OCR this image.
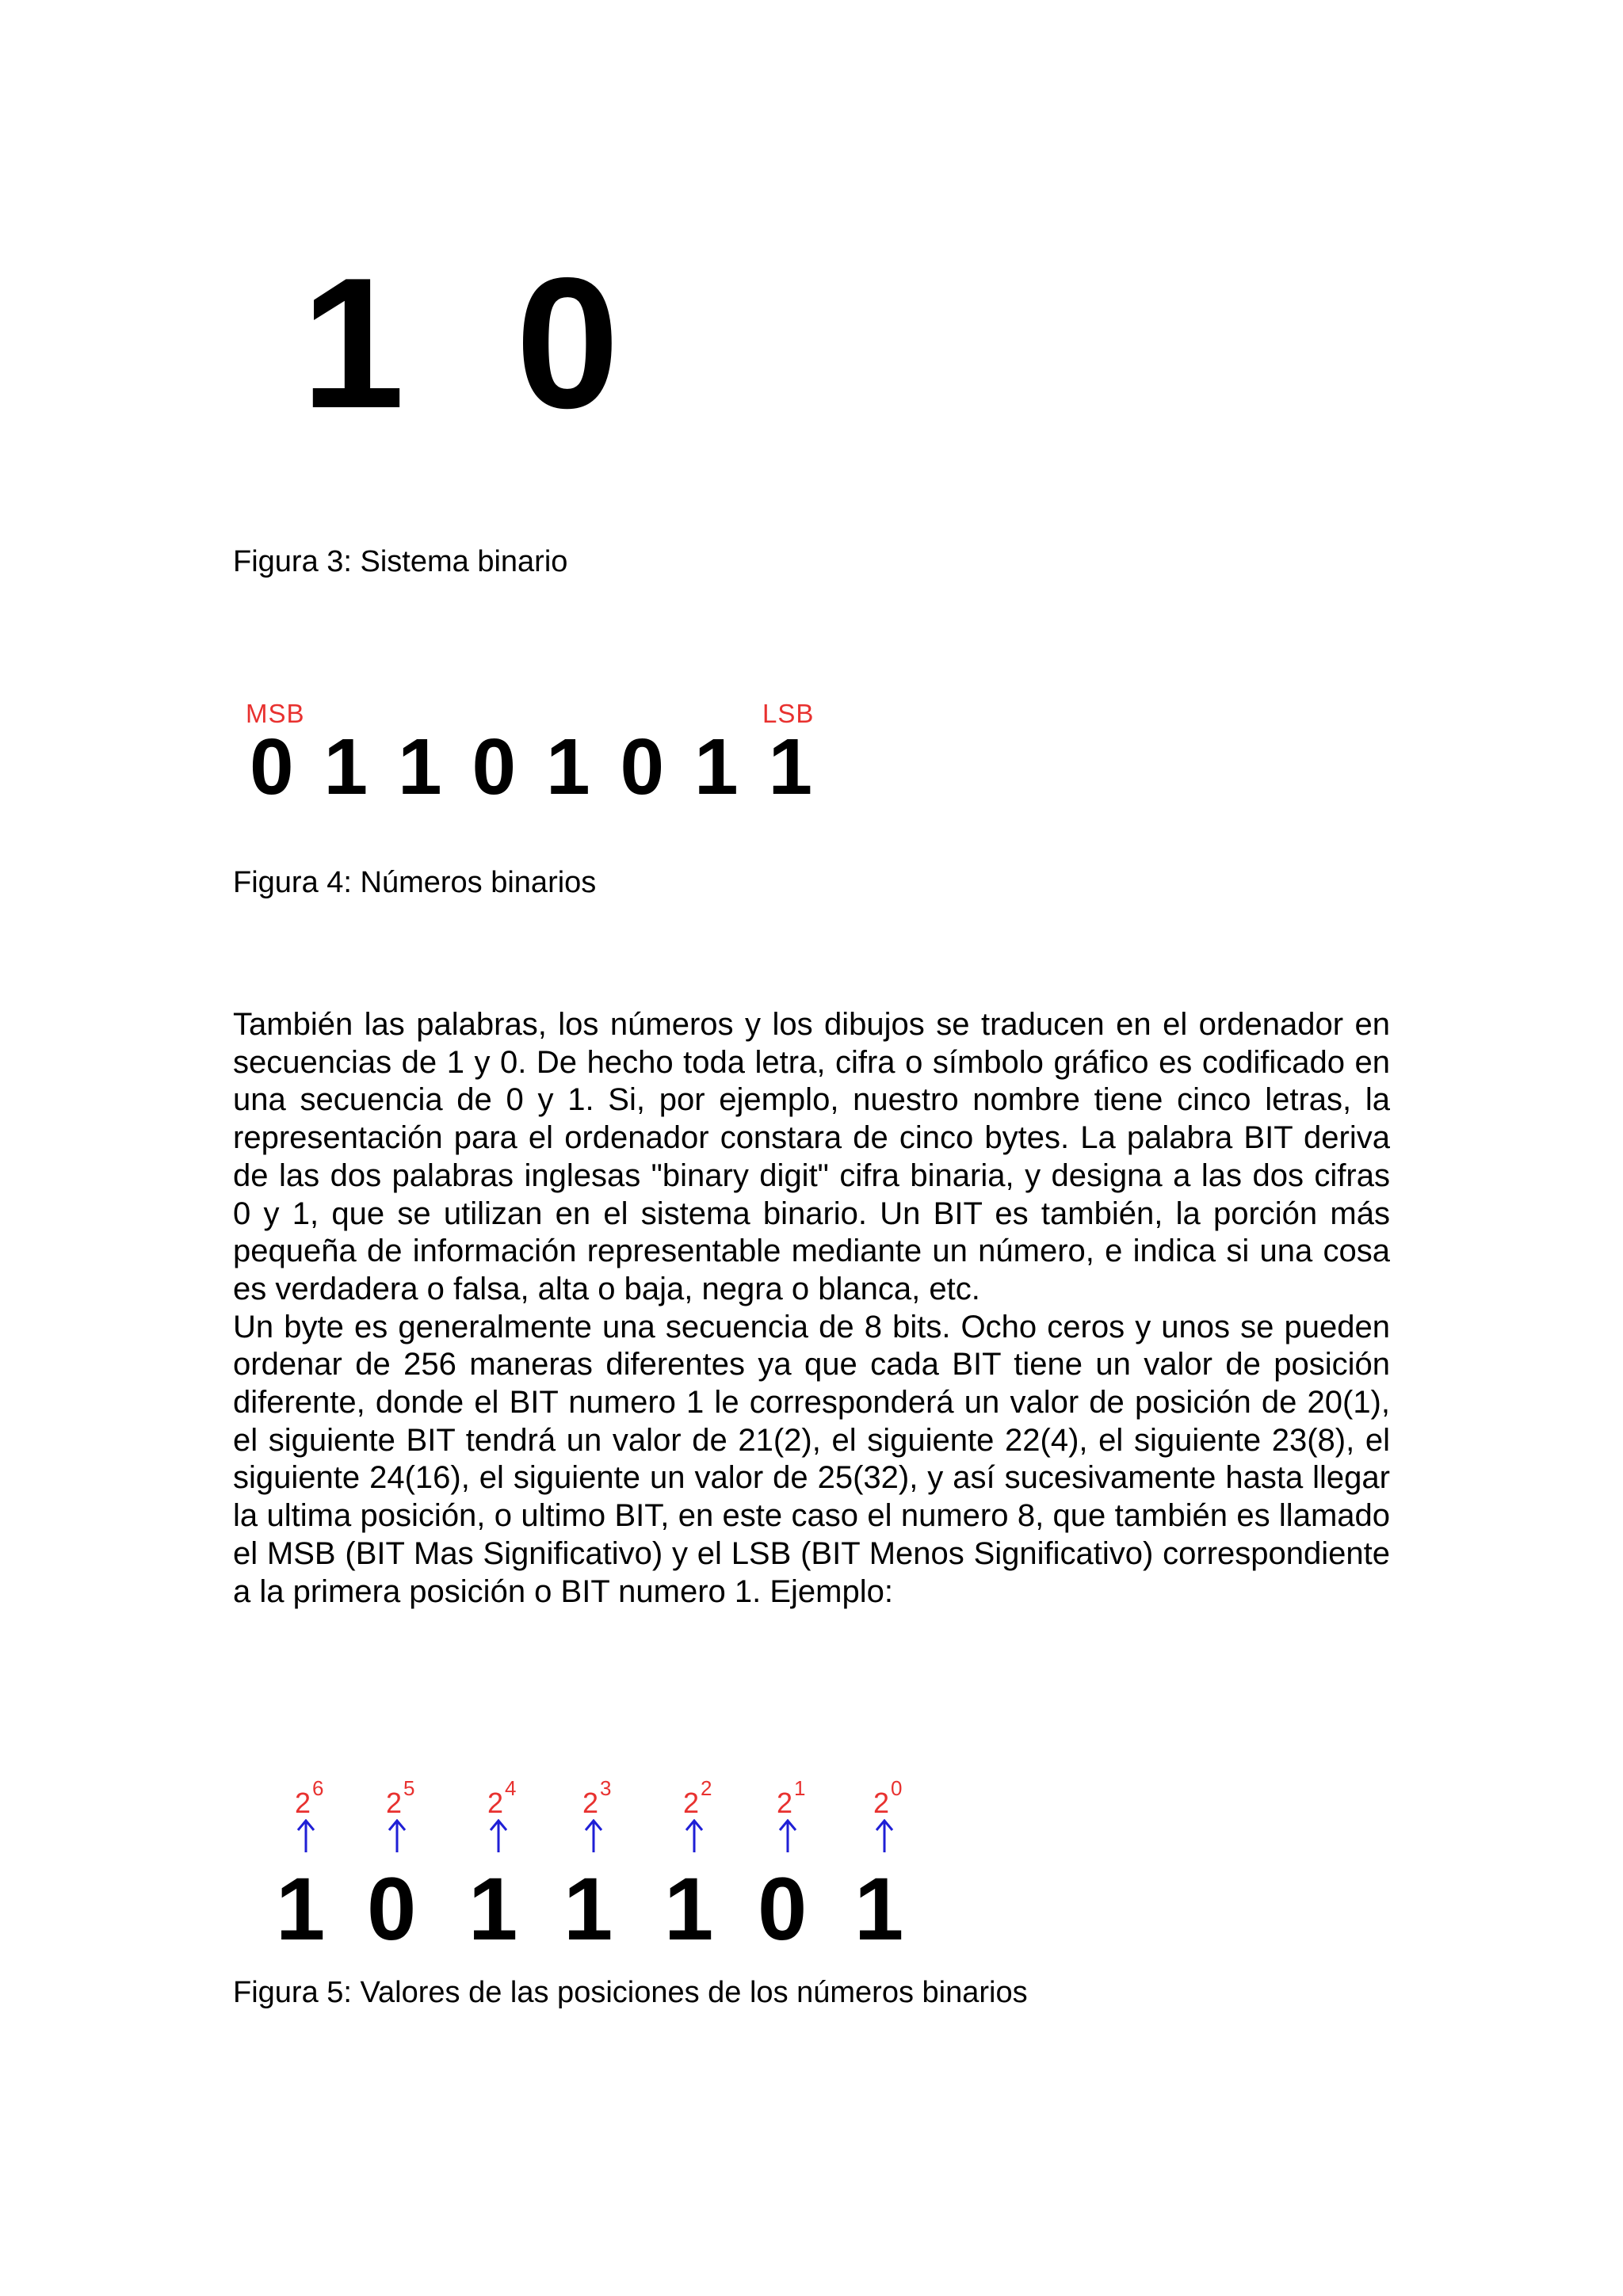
1 0
Figura 3: Sistema binario
MSB	LSB
0 1 1 0 1 0 1 1
Figura 4: Números binarios

También las palabras, los números y los dibujos se traducen en el ordenador en secuencias de 1 y 0. De hecho toda letra, cifra o símbolo gráfico es codificado en una secuencia de 0 y 1. Si, por ejemplo, nuestro nombre tiene cinco letras, la representación para el ordenador constara de cinco bytes. La palabra BIT deriva de las dos palabras inglesas "binary digit" cifra binaria, y designa a las dos cifras 0 y 1, que se utilizan en el sistema binario. Un BIT es también, la porción más pequeña de información representable mediante un número, e indica si una cosa es verdadera o falsa, alta o baja, negra o blanca, etc.

Un byte es generalmente una secuencia de 8 bits. Ocho ceros y unos se pueden ordenar de 256 maneras diferentes ya que cada BIT tiene un valor de posición diferente, donde el BIT numero 1 le corresponderá un valor de posición de 20(1), el siguiente BIT tendrá un valor de 21(2), el siguiente 22(4), el siguiente 23(8), el siguiente 24(16), el siguiente un valor de 25(32), y así sucesivamente hasta llegar la ultima posición, o ultimo BIT, en este caso el numero 8, que también es llamado el MSB (BIT Mas Significativo) y el LSB (BIT Menos Significativo) correspondiente a la primera posición o BIT numero 1. Ejemplo:

2 6
1
2 5
0
2 4
1
2 3
1
2 2
1
2 1
0
2 0
1
Figura 5: Valores de las posiciones de los números binarios
